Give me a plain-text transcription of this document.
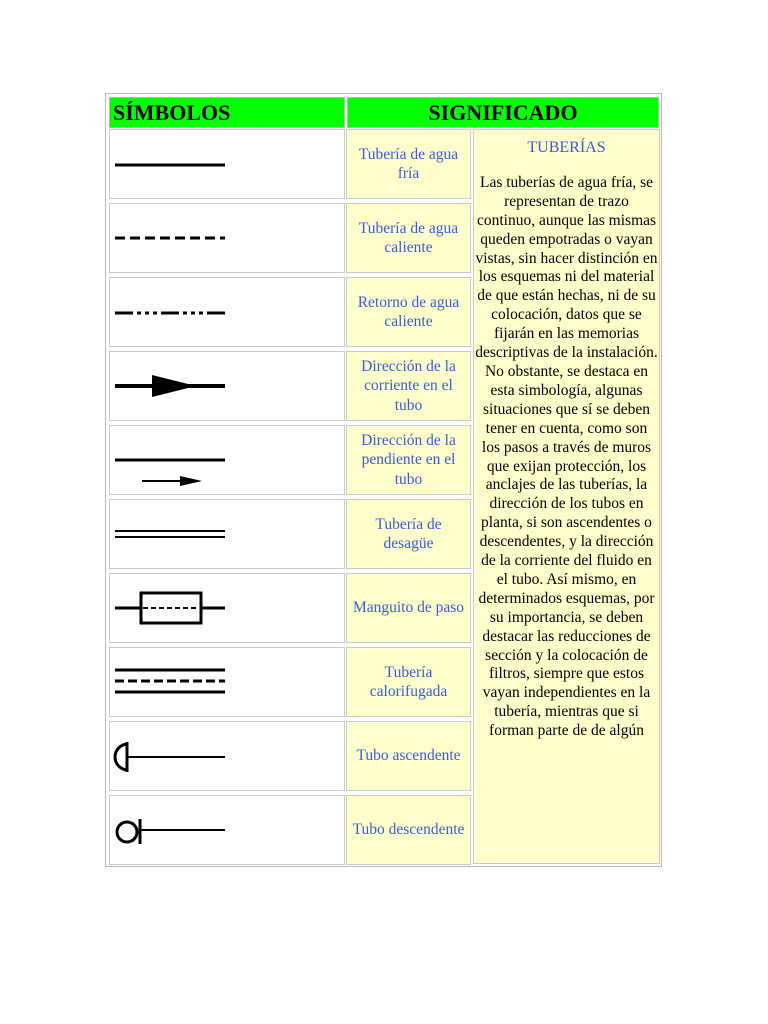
SÍMBOLOS	SIGNIFICADO
Tubería de agua fría
Tubería de agua caliente
Retorno de agua caliente
Dirección de la corriente en el tubo
Dirección de la pendiente en el tubo
Tubería de desagüe
Manguito de paso
Tubería calorifugada
Tubo ascendente
Tubo descendente
TUBERÍAS
Las tuberías de agua fría, se representan de trazo continuo, aunque las mismas queden empotradas o vayan vistas, sin hacer distinción en los esquemas ni del material de que están hechas, ni de su colocación, datos que se fijarán en las memorias descriptivas de la instalación. No obstante, se destaca en esta simbología, algunas situaciones que sí se deben tener en cuenta, como son los pasos a través de muros que exijan protección, los anclajes de las tuberías, la dirección de los tubos en planta, si son ascendentes o descendentes, y la dirección de la corriente del fluido en el tubo. Así mismo, en determinados esquemas, por su importancia, se deben destacar las reducciones de sección y la colocación de filtros, siempre que estos vayan independientes en la tubería, mientras que si forman parte de de algún
